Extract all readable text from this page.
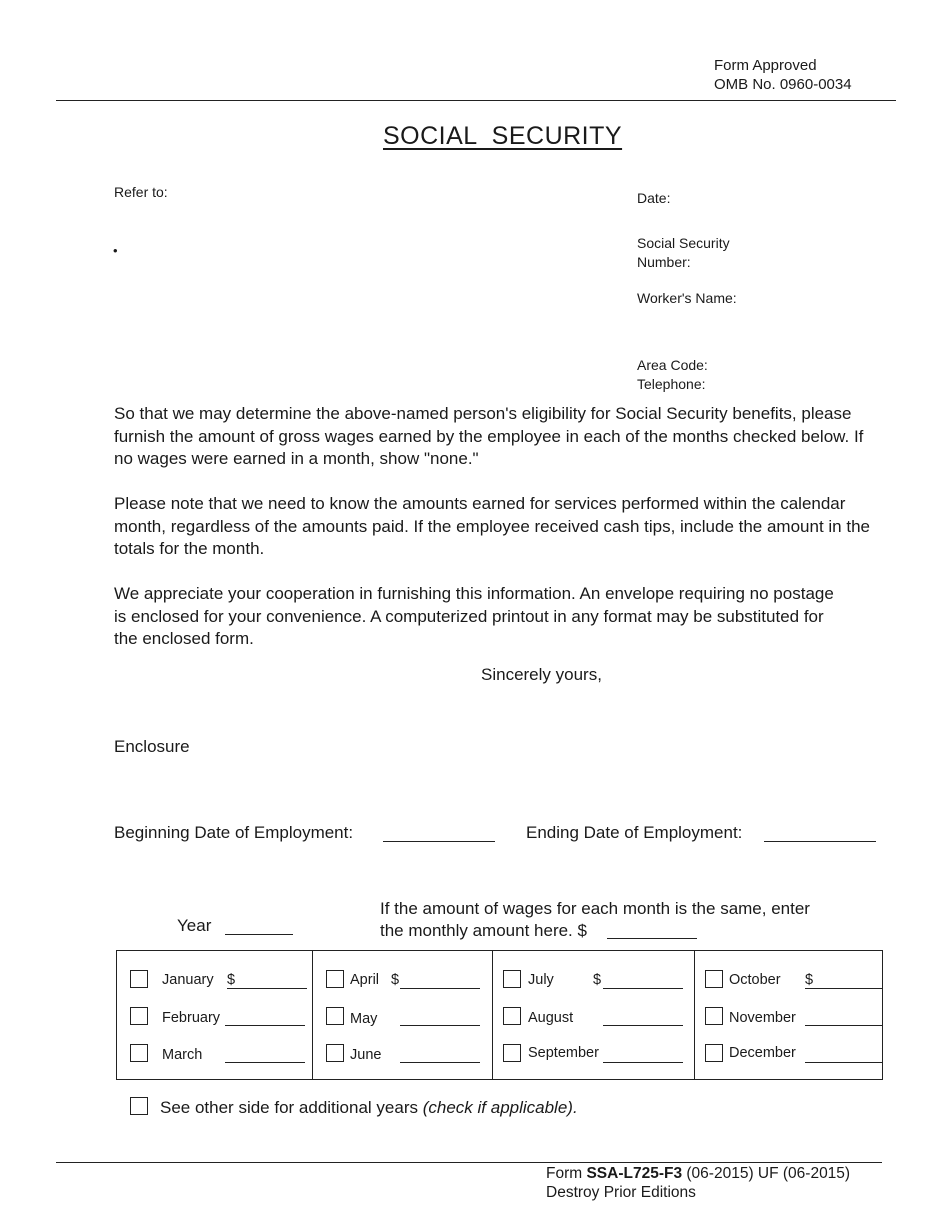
Form Approved
OMB No. 0960-0034
SOCIAL  SECURITY
Refer to:
•
Date:
Social Security
Number:
Worker's Name:
Area Code:
Telephone:
So that we may determine the above-named person's eligibility for Social Security benefits, please furnish the amount of gross wages earned by the employee in each of the months checked below. If no wages were earned in a month, show "none."
Please note that we need to know the amounts earned for services performed within the calendar month, regardless of the amounts paid. If the employee received cash tips, include the amount in the totals for the month.
We appreciate your cooperation in furnishing this information. An envelope requiring no postage is enclosed for your convenience. A computerized printout in any format may be substituted for the enclosed form.
Sincerely yours,
Enclosure
Beginning Date of Employment:	Ending Date of Employment:
Year
If the amount of wages for each month is the same, enter
the monthly amount here. $
January $
February
March
April $
May
June
July	$
August
September
October $
November
December
See other side for additional years (check if applicable).
Form SSA-L725-F3 (06-2015) UF (06-2015)
Destroy Prior Editions
